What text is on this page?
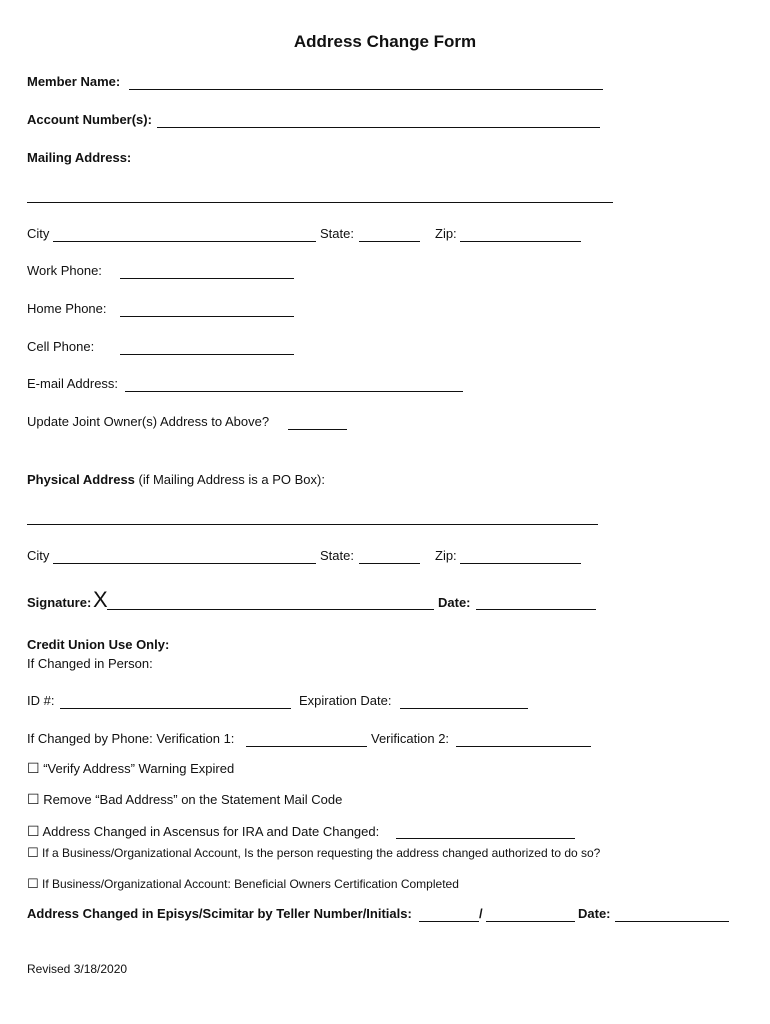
Address Change Form
Member Name:
Account Number(s):
Mailing Address:
City	State:	Zip:
Work Phone:
Home Phone:
Cell Phone:
E-mail Address:
Update Joint Owner(s) Address to Above?
Physical Address (if Mailing Address is a PO Box):
City	State:	Zip:
Signature: X	Date:
Credit Union Use Only:
If Changed in Person:
ID #:	Expiration Date:
If Changed by Phone: Verification 1:	Verification 2:
☐ “Verify Address” Warning Expired
☐ Remove “Bad Address” on the Statement Mail Code
☐ Address Changed in Ascensus for IRA and Date Changed:
☐ If a Business/Organizational Account, Is the person requesting the address changed authorized to do so?
☐ If Business/Organizational Account: Beneficial Owners Certification Completed
Address Changed in Episys/Scimitar by Teller Number/Initials:	/	Date:
Revised 3/18/2020
